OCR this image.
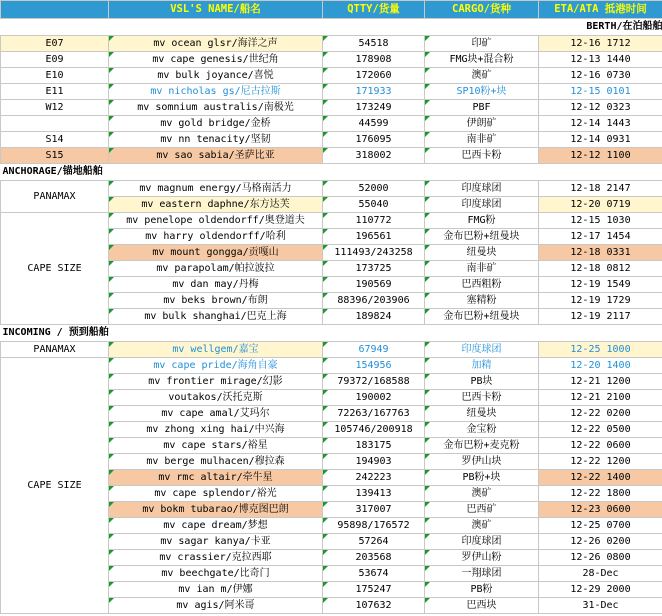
	VSL'S NAME/船名	QTTY/货量	CARGO/货种	ETA/ATA 抵港时间
BERTH/在泊船舶				
E07	mv ocean glsr/海洋之声	54518	印矿	12-16 1712
E09	mv cape genesis/世纪角	178908	FMG块+混合粉	12-13 1440
E10	mv bulk joyance/喜悦	172060	澳矿	12-16 0730
E11	mv nicholas gs/尼古拉斯	171933	SP10粉+块	12-15 0101
W12	mv somnium australis/南极光	173249	PBF	12-12 0323
	mv gold bridge/金桥	44599	伊朗矿	12-14 1443
S14	mv nn tenacity/坚韧	176095	南非矿	12-14 0931
S15	mv sao sabia/圣萨比亚	318002	巴西卡粉	12-12 1100
ANCHORAGE/锚地船舶				
PANAMAX	mv magnum energy/马格南活力	52000	印度球团	12-18 2147
	mv eastern daphne/东方达芙	55040	印度球团	12-20 0719
CAPE SIZE	mv penelope oldendorff/奥登道夫	110772	FMG粉	12-15 1030
	mv harry oldendorff/哈利	196561	金布巴粉+纽曼块	12-17 1454
	mv mount gongga/贡嘎山	111493/243258	纽曼块	12-18 0331
	mv parapolam/帕拉波拉	173725	南非矿	12-18 0812
	mv dan may/丹梅	190569	巴西粗粉	12-19 1549
	mv beks brown/布朗	88396/203906	塞精粉	12-19 1729
	mv bulk shanghai/巴克上海	189824	金布巴粉+纽曼块	12-19 2117
INCOMING / 预到船舶				
PANAMAX	mv wellgem/嘉宝	67949	印度球团	12-25 1000
CAPE SIZE	mv cape pride/海角自豪	154956	加精	12-20 1400
	mv frontier mirage/幻影	79372/168588	PB块	12-21 1200
	voutakos/沃托克斯	190002	巴西卡粉	12-21 2100
	mv cape amal/艾玛尔	72263/167763	纽曼块	12-22 0200
	mv zhong xing hai/中兴海	105746/200918	金宝粉	12-22 0500
	mv cape stars/裕星	183175	金布巴粉+麦克粉	12-22 0600
	mv berge mulhacen/穆拉森	194903	罗伊山块	12-22 1200
	mv rmc altair/牵牛星	242223	PB粉+块	12-22 1400
	mv cape splendor/裕光	139413	澳矿	12-22 1800
	mv bokm tubarao/博克图巴朗	317007	巴西矿	12-23 0600
	mv cape dream/梦想	95898/176572	澳矿	12-25 0700
	mv sagar kanya/卡亚	57264	印度球团	12-26 0200
	mv crassier/克拉西耶	203568	罗伊山粉	12-26 0800
	mv beechgate/比奇门	53674	一翔球团	28-Dec
	mv ian m/伊娜	175247	PB粉	12-29 2000
	mv agis/阿米哥	107632	巴西块	31-Dec
